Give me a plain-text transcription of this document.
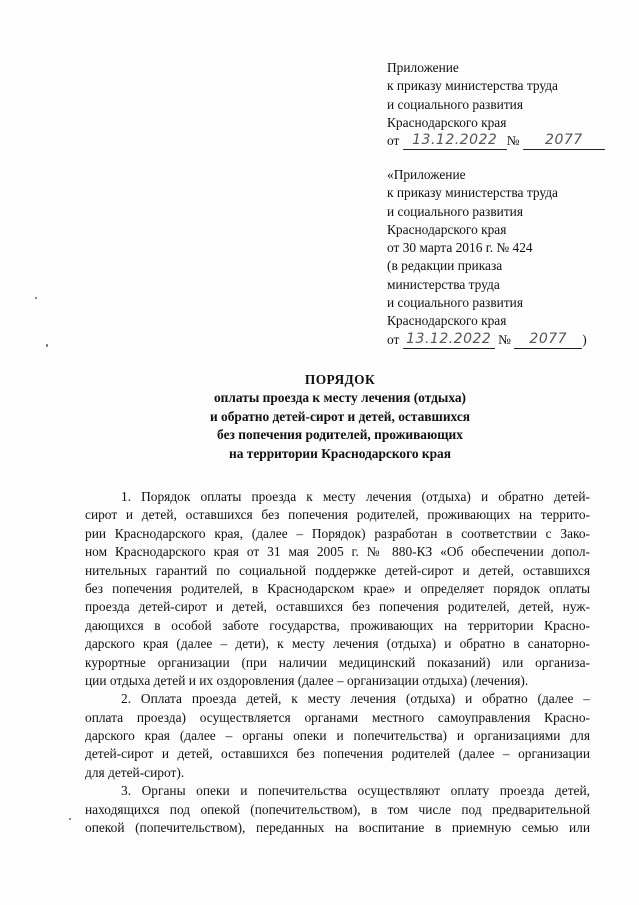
Приложение
к приказу министерства труда
и социального развития
Краснодарского края
от 13.12.2022 № 2077
«Приложение
к приказу министерства труда
и социального развития
Краснодарского края
от 30 марта 2016 г. № 424
(в редакции приказа
министерства труда
и социального развития
Краснодарского края
от 13.12.2022 № 2077 )
ПОРЯДОК
оплаты проезда к месту лечения (отдыха)
и обратно детей-сирот и детей, оставшихся
без попечения родителей, проживающих
на территории Краснодарского края
1. Порядок оплаты проезда к месту лечения (отдыха) и обратно детей-
сирот и детей, оставшихся без попечения родителей, проживающих на террито-
рии Краснодарского края, (далее – Порядок) разработан в соответствии с Зако-
ном Краснодарского края от 31 мая 2005 г. № 880-КЗ «Об обеспечении допол-
нительных гарантий по социальной поддержке детей-сирот и детей, оставшихся
без попечения родителей, в Краснодарском крае» и определяет порядок оплаты
проезда детей-сирот и детей, оставшихся без попечения родителей, детей, нуж-
дающихся в особой заботе государства, проживающих на территории Красно-
дарского края (далее – дети), к месту лечения (отдыха) и обратно в санаторно-
курортные организации (при наличии медицинский показаний) или организа-
ции отдыха детей и их оздоровления (далее – организации отдыха) (лечения).
2. Оплата проезда детей, к месту лечения (отдыха) и обратно (далее –
оплата проезда) осуществляется органами местного самоуправления Красно-
дарского края (далее – органы опеки и попечительства) и организациями для
детей-сирот и детей, оставшихся без попечения родителей (далее – организации
для детей-сирот).
3. Органы опеки и попечительства осуществляют оплату проезда детей,
находящихся под опекой (попечительством), в том числе под предварительной
опекой (попечительством), переданных на воспитание в приемную семью или
